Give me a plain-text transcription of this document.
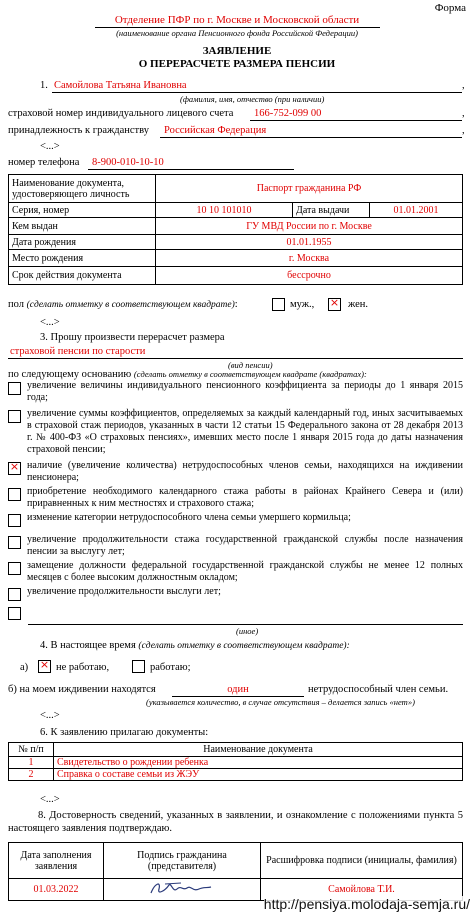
Форма
Отделение ПФР по г. Москве и Московской области
(наименование органа Пенсионного фонда Российской Федерации)
ЗАЯВЛЕНИЕ
О ПЕРЕРАСЧЕТЕ РАЗМЕРА ПЕНСИИ
1. Самойлова Татьяна Ивановна	,
(фамилия, имя, отчество (при наличии)
страховой номер индивидуального лицевого счета 166-752-099 00	,
принадлежность к гражданству Российская Федерация	,
<...>
номер телефона 8-900-010-10-10
Наименование документа, удостоверяющего личность	Паспорт гражданина РФ		
Серия, номер	10 10 101010	Дата выдачи	01.01.2001
Кем выдан	ГУ МВД России по г. Москве		
Дата рождения	01.01.1955		
Место рождения	г. Москва		
Срок действия документа	бессрочно		
пол (сделать отметку в соответствующем квадрате):	муж., × жен.
<...>
3. Прошу произвести перерасчет размера
страховой пенсии по старости
(вид пенсии)
по следующему основанию (сделать отметку в соответствующем квадрате (квадратах):
увеличение величины индивидуального пенсионного коэффициента за периоды до 1 января 2015 года;
увеличение суммы коэффициентов, определяемых за каждый календарный год, иных засчитываемых в страховой стаж периодов, указанных в части 12 статьи 15 Федерального закона от 28 декабря 2013 г. № 400-ФЗ «О страховых пенсиях», имевших место после 1 января 2015 года до даты назначения страховой пенсии;
× наличие (увеличение количества) нетрудоспособных членов семьи, находящихся на иждивении пенсионера;
приобретение необходимого календарного стажа работы в районах Крайнего Севера и (или) приравненных к ним местностях и страхового стажа;
изменение категории нетрудоспособного члена семьи умершего кормильца;
увеличение продолжительности стажа государственной гражданской службы после назначения пенсии за выслугу лет;
замещение должности федеральной государственной гражданской службы не менее 12 полных месяцев с более высоким должностным окладом;
увеличение продолжительности выслуги лет;
(иное)
4. В настоящее время (сделать отметку в соответствующем квадрате):
а) × не работаю,	работаю;
б) на моем иждивении находятся	один	нетрудоспособный член семьи.
(указывается количество, в случае отсутствия – делается запись «нет»)
<...>
6. К заявлению прилагаю документы:
№ п/п	Наименование документа
1	Свидетельство о рождении ребенка
2	Справка о составе семьи из ЖЭУ
<...>
8. Достоверность сведений, указанных в заявлении, и ознакомление с положениями пункта 5 настоящего заявления подтверждаю.
Дата заполнения заявления	Подпись гражданина (представителя)	Расшифровка подписи (инициалы, фамилия)
01.03.2022		Самойлова Т.И.
http://pensiya.molodaja-semja.ru/
